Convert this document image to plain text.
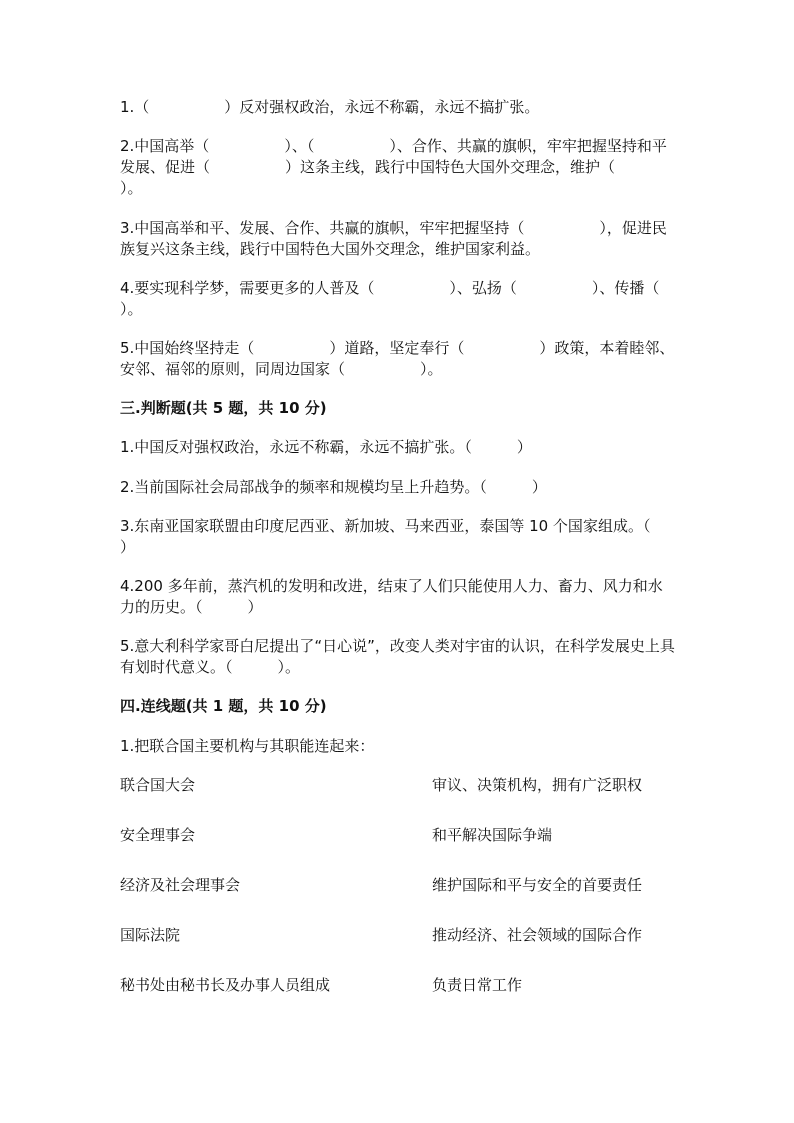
1.（　　　　　）反对强权政治，永远不称霸，永远不搞扩张。

2.中国高举（　　　　　）、（　　　　　）、合作、共赢的旗帜，牢牢把握坚持和平发展、促进（　　　　　）这条主线，践行中国特色大国外交理念，维护（　　　　　）。

3.中国高举和平、发展、合作、共赢的旗帜，牢牢把握坚持（　　　　　），促进民族复兴这条主线，践行中国特色大国外交理念，维护国家利益。

4.要实现科学梦，需要更多的人普及（　　　　　）、弘扬（　　　　　）、传播（　　　　　）。

5.中国始终坚持走（　　　　　）道路，坚定奉行（　　　　　）政策，本着睦邻、安邻、福邻的原则，同周边国家（　　　　　）。

三.判断题(共 5 题，共 10 分)

1.中国反对强权政治，永远不称霸，永远不搞扩张。（　　　）

2.当前国际社会局部战争的频率和规模均呈上升趋势。（　　　）

3.东南亚国家联盟由印度尼西亚、新加坡、马来西亚，泰国等 10 个国家组成。（　　　）

4.200 多年前，蒸汽机的发明和改进，结束了人们只能使用人力、畜力、风力和水力的历史。（　　　）

5.意大利科学家哥白尼提出了“日心说”，改变人类对宇宙的认识，在科学发展史上具有划时代意义。（　　　）。

四.连线题(共 1 题，共 10 分)

1.把联合国主要机构与其职能连起来：

联合国大会	审议、决策机构，拥有广泛职权

安全理事会	和平解决国际争端

经济及社会理事会	维护国际和平与安全的首要责任

国际法院	推动经济、社会领域的国际合作

秘书处由秘书长及办事人员组成	负责日常工作
